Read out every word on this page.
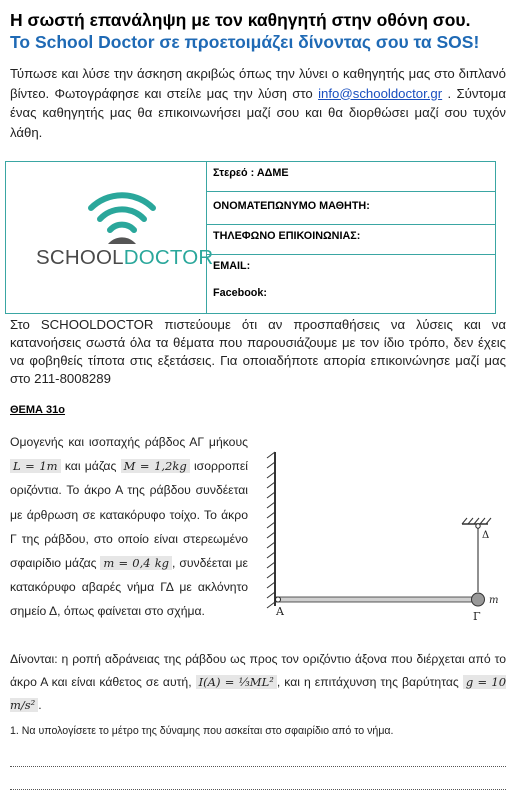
Η σωστή επανάληψη με τον καθηγητή στην οθόνη σου.
Το School Doctor σε προετοιμάζει δίνοντας σου τα SOS!
Τύπωσε και λύσε την άσκηση ακριβώς όπως την λύνει ο καθηγητής μας στο διπλανό βίντεο. Φωτογράφησε και στείλε μας την λύση στο info@schooldoctor.gr . Σύντομα ένας καθηγητής μας θα επικοινωνήσει μαζί σου και θα διορθώσει μαζί σου τυχόν λάθη.
SCHOOLDOCTOR
Στερεό : ΑΔΜΕ
ΟΝΟΜΑΤΕΠΩΝΥΜΟ ΜΑΘΗΤΗ:
ΤΗΛΕΦΩΝΟ ΕΠΙΚΟΙΝΩΝΙΑΣ:
EMAIL:
Facebook:
Στο SCHOOLDOCTOR πιστεύουμε ότι αν προσπαθήσεις να λύσεις και να κατανοήσεις σωστά όλα τα θέματα που παρουσιάζουμε με τον ίδιο τρόπο, δεν έχεις να φοβηθείς τίποτα στις εξετάσεις. Για οποιαδήποτε απορία επικοινώνησε μαζί μας στο 211-8008289
ΘΕΜΑ 31ο
Ομογενής και ισοπαχής ράβδος ΑΓ μήκους L = 1m και μάζας M = 1,2kg ισορροπεί οριζόντια. Το άκρο Α της ράβδου συνδέεται με άρθρωση σε κατακόρυφο τοίχο. Το άκρο Γ της ράβδου, στο οποίο είναι στερεωμένο σφαιρίδιο μάζας m = 0,4 kg , συνδέεται με κατακόρυφο αβαρές νήμα ΓΔ με ακλόνητο σημείο Δ, όπως φαίνεται στο σχήμα.	Α	Γ
Δ
m
Δίνονται: η ροπή αδράνειας της ράβδου ως προς τον οριζόντιο άξονα που διέρχεται από το άκρο Α και είναι κάθετος σε αυτή, I(A) = ⅓ML² , και η επιτάχυνση της βαρύτητας g = 10 m/s² .
1. Να υπολογίσετε το μέτρο της δύναμης που ασκείται στο σφαιρίδιο από το νήμα.
